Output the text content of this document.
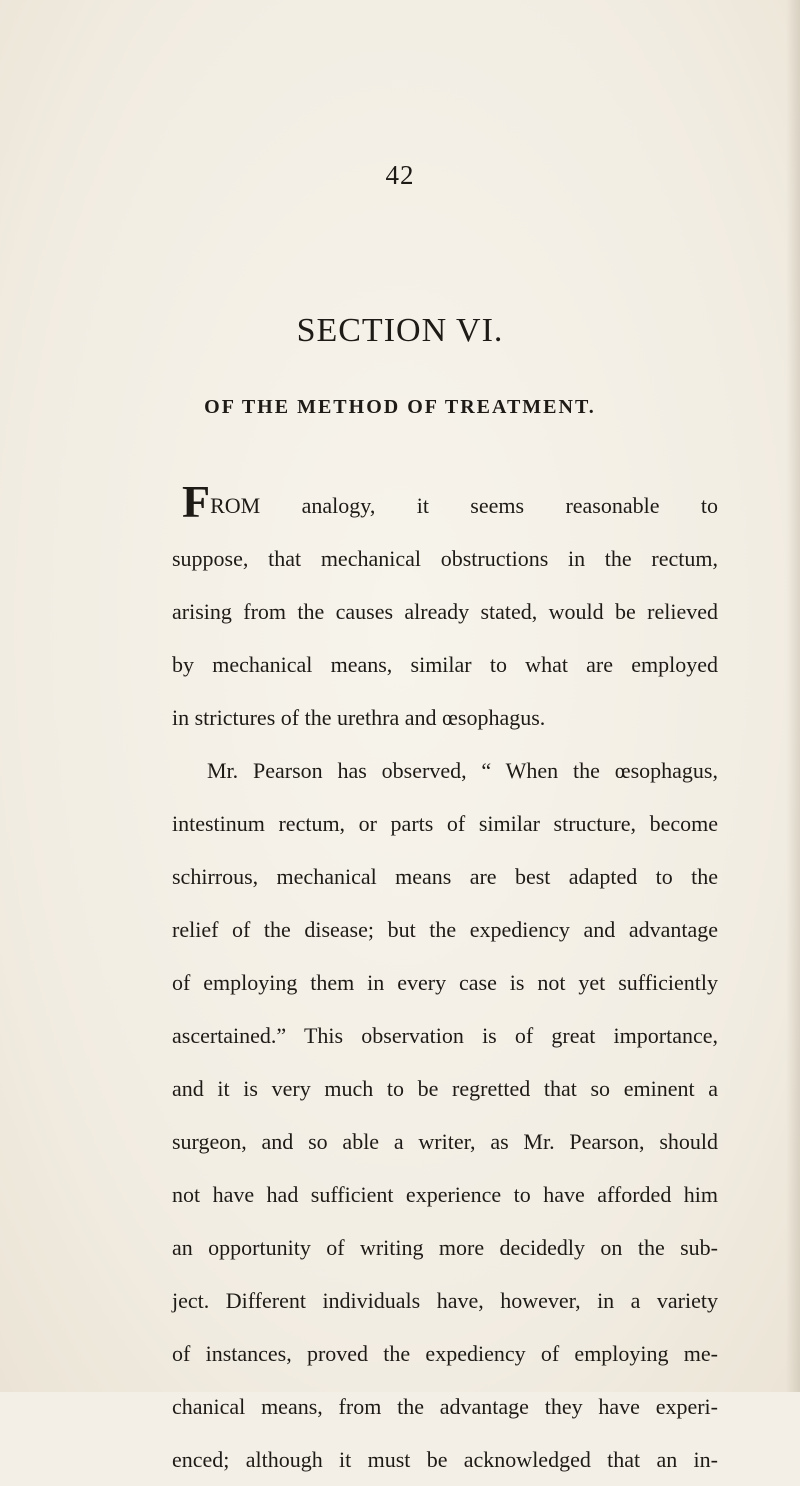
42
SECTION VI.
OF THE METHOD OF TREATMENT.
FROM analogy, it seems reasonable to
suppose, that mechanical obstructions in the rectum,
arising from the causes already stated, would be relieved
by mechanical means, similar to what are employed
in strictures of the urethra and œsophagus.
Mr. Pearson has observed, “ When the œsophagus,
intestinum rectum, or parts of similar structure, become
schirrous, mechanical means are best adapted to the
relief of the disease; but the expediency and advantage
of employing them in every case is not yet sufficiently
ascertained.” This observation is of great importance,
and it is very much to be regretted that so eminent a
surgeon, and so able a writer, as Mr. Pearson, should
not have had sufficient experience to have afforded him
an opportunity of writing more decidedly on the sub-
ject. Different individuals have, however, in a variety
of instances, proved the expediency of employing me-
chanical means, from the advantage they have experi-
enced; although it must be acknowledged that an in-
